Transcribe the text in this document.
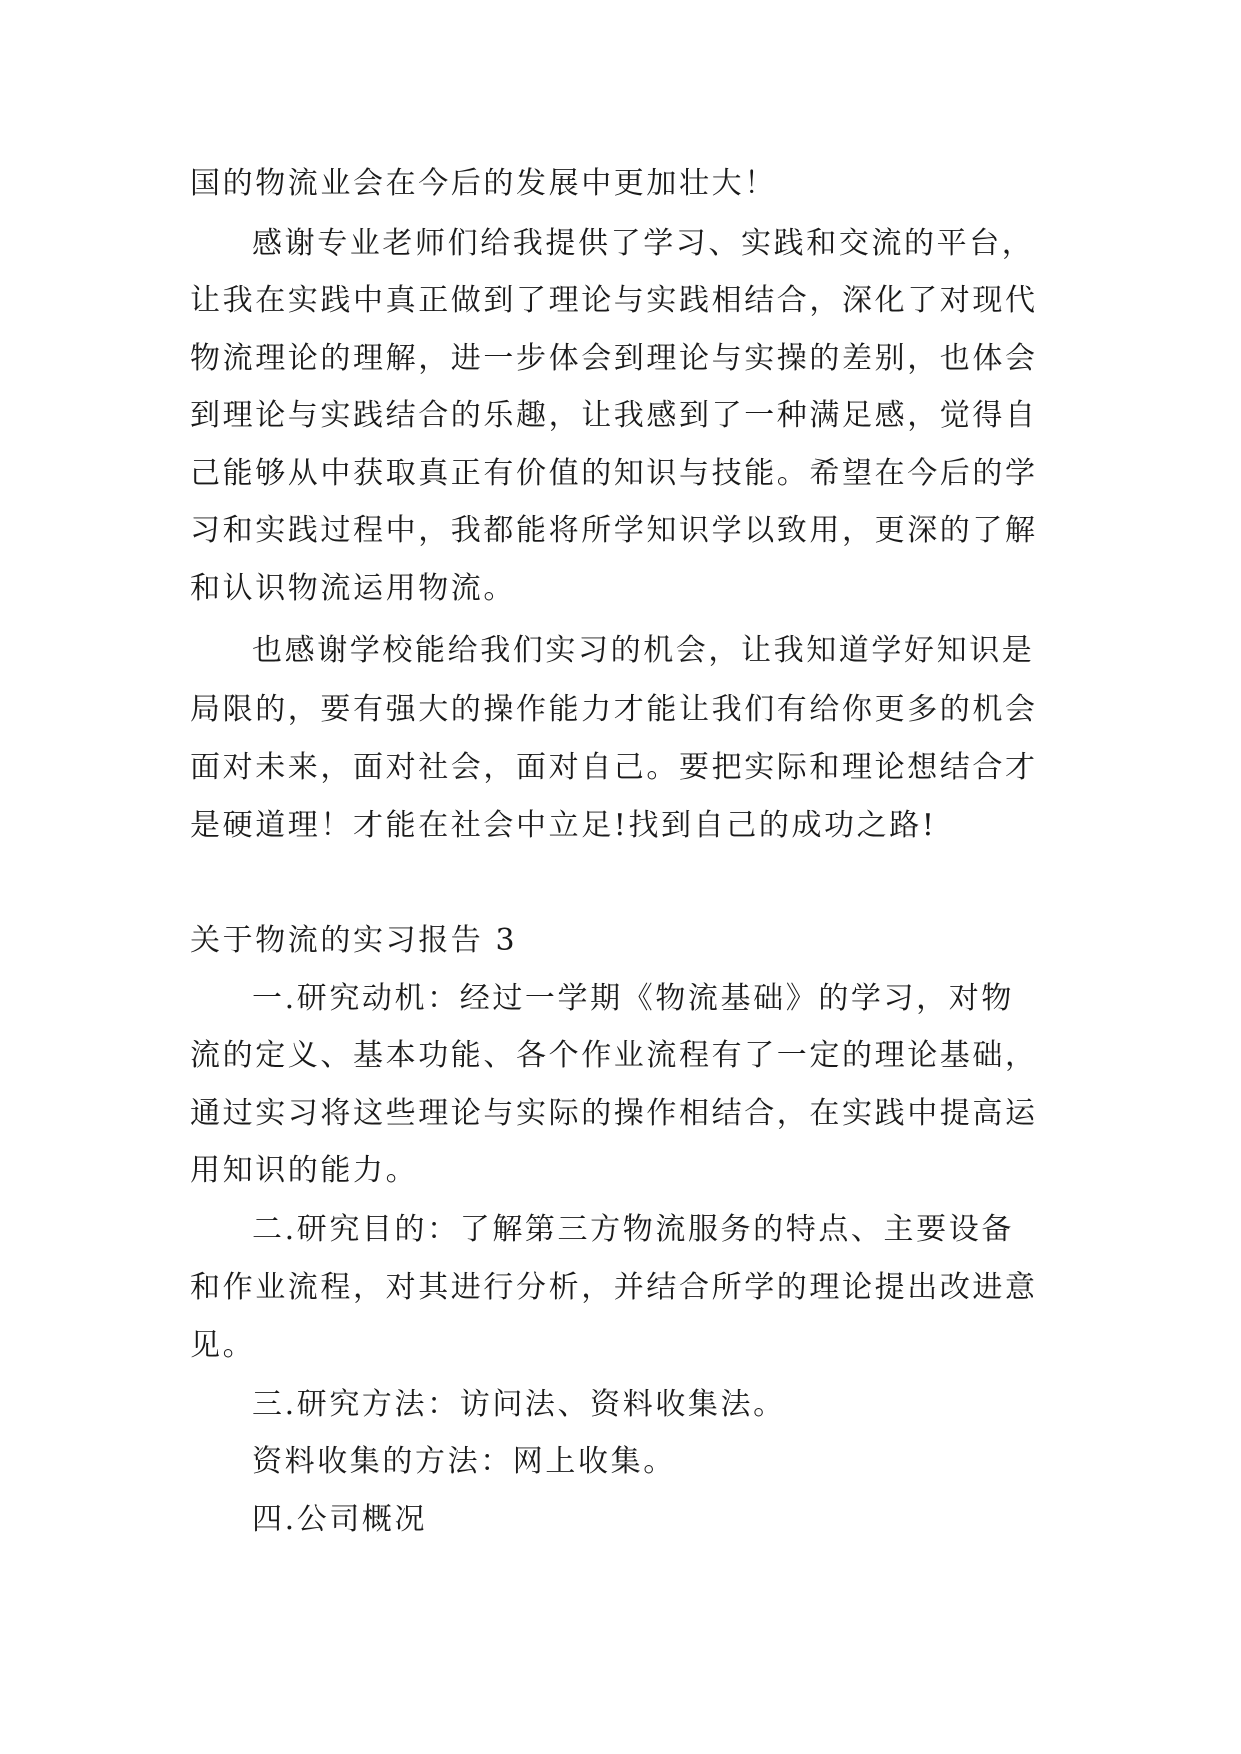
国的物流业会在今后的发展中更加壮大！
感谢专业老师们给我提供了学习、实践和交流的平台，
让我在实践中真正做到了理论与实践相结合，深化了对现代
物流理论的理解，进一步体会到理论与实操的差别，也体会
到理论与实践结合的乐趣，让我感到了一种满足感，觉得自
己能够从中获取真正有价值的知识与技能。希望在今后的学
习和实践过程中，我都能将所学知识学以致用，更深的了解
和认识物流运用物流。
也感谢学校能给我们实习的机会，让我知道学好知识是
局限的，要有强大的操作能力才能让我们有给你更多的机会
面对未来，面对社会，面对自己。要把实际和理论想结合才
是硬道理！才能在社会中立足!找到自己的成功之路!
关于物流的实习报告 3
一.研究动机：经过一学期《物流基础》的学习，对物
流的定义、基本功能、各个作业流程有了一定的理论基础，
通过实习将这些理论与实际的操作相结合，在实践中提高运
用知识的能力。
二.研究目的：了解第三方物流服务的特点、主要设备
和作业流程，对其进行分析，并结合所学的理论提出改进意
见。
三.研究方法：访问法、资料收集法。
资料收集的方法：网上收集。
四.公司概况
